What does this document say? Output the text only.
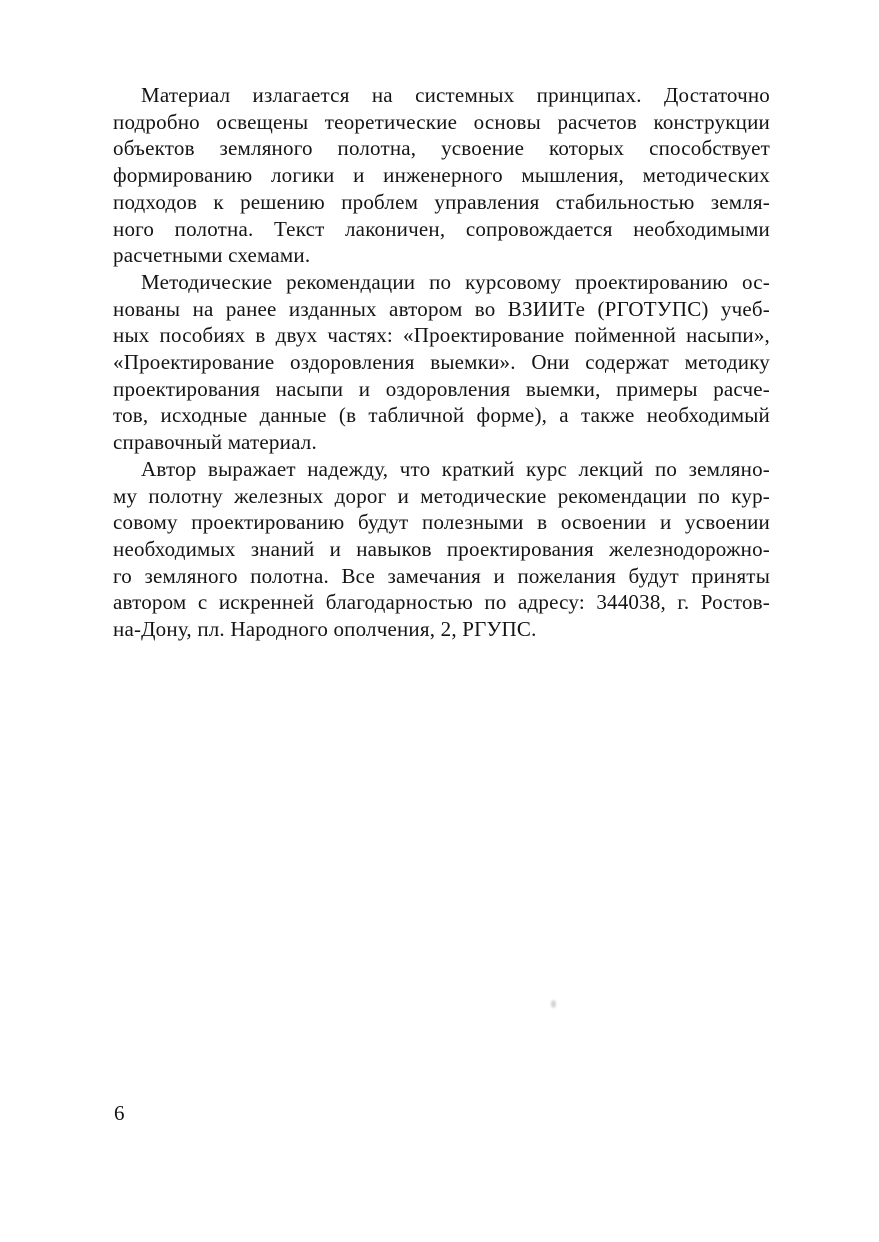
Материал излагается на системных принципах. Достаточно
подробно освещены теоретические основы расчетов конструкции
объектов земляного полотна, усвоение которых способствует
формированию логики и инженерного мышления, методических
подходов к решению проблем управления стабильностью земля-
ного полотна. Текст лаконичен, сопровождается необходимыми
расчетными схемами.
Методические рекомендации по курсовому проектированию ос-
нованы на ранее изданных автором во ВЗИИТе (РГОТУПС) учеб-
ных пособиях в двух частях: «Проектирование пойменной насыпи»,
«Проектирование оздоровления выемки». Они содержат методику
проектирования насыпи и оздоровления выемки, примеры расче-
тов, исходные данные (в табличной форме), а также необходимый
справочный материал.
Автор выражает надежду, что краткий курс лекций по земляно-
му полотну железных дорог и методические рекомендации по кур-
совому проектированию будут полезными в освоении и усвоении
необходимых знаний и навыков проектирования железнодорожно-
го земляного полотна. Все замечания и пожелания будут приняты
автором с искренней благодарностью по адресу: 344038, г. Ростов-
на-Дону, пл. Народного ополчения, 2, РГУПС.
6
